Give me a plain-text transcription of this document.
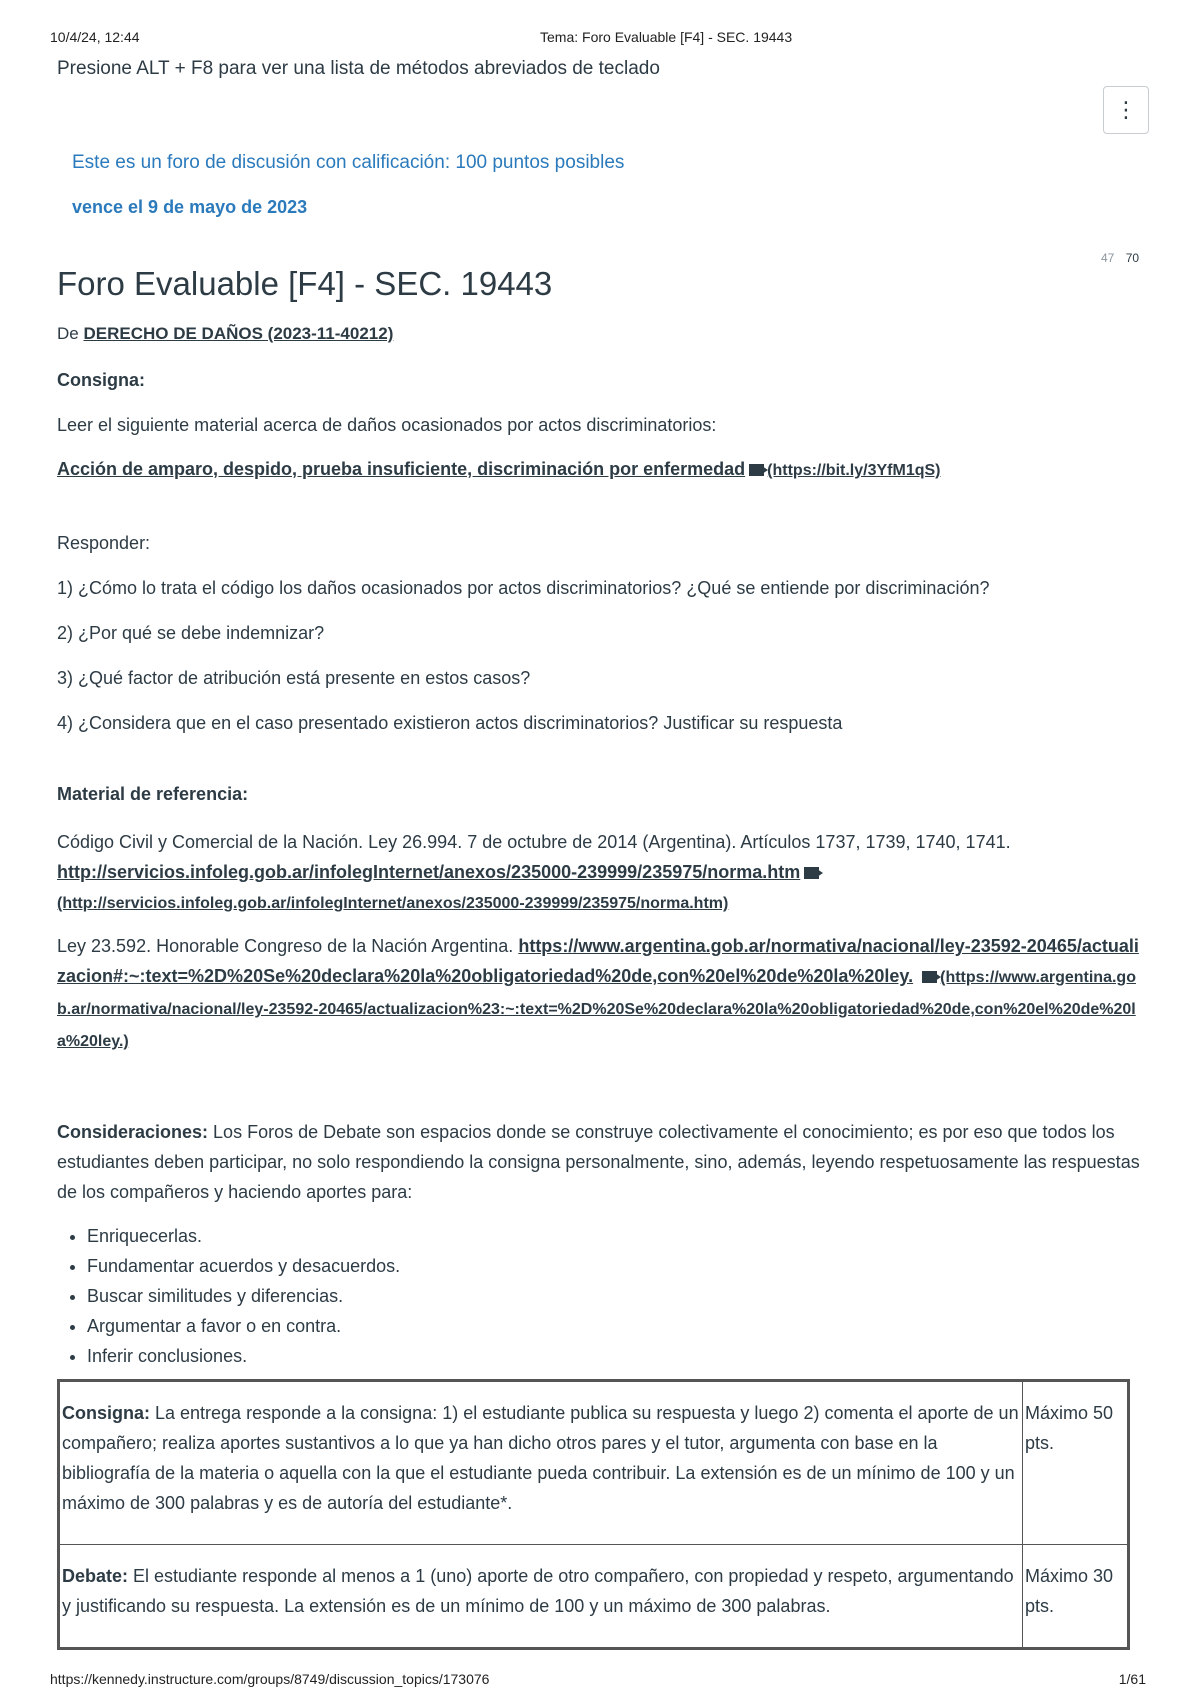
10/4/24, 12:44	Tema: Foro Evaluable [F4] - SEC. 19443
Presione ALT + F8 para ver una lista de métodos abreviados de teclado
⋮
Este es un foro de discusión con calificación: 100 puntos posibles
vence el 9 de mayo de 2023
47 70
Foro Evaluable [F4] - SEC. 19443
De DERECHO DE DAÑOS (2023-11-40212)

Consigna:

Leer el siguiente material acerca de daños ocasionados por actos discriminatorios:

Acción de amparo, despido, prueba insuficiente, discriminación por enfermedad (https://bit.ly/3YfM1qS)

Responder:

1) ¿Cómo lo trata el código los daños ocasionados por actos discriminatorios? ¿Qué se entiende por discriminación?

2) ¿Por qué se debe indemnizar?

3) ¿Qué factor de atribución está presente en estos casos?

4) ¿Considera que en el caso presentado existieron actos discriminatorios? Justificar su respuesta

Material de referencia:

Código Civil y Comercial de la Nación. Ley 26.994. 7 de octubre de 2014 (Argentina). Artículos 1737, 1739, 1740, 1741. http://servicios.infoleg.gob.ar/infolegInternet/anexos/235000-239999/235975/norma.htm
(http://servicios.infoleg.gob.ar/infolegInternet/anexos/235000-239999/235975/norma.htm)

Ley 23.592. Honorable Congreso de la Nación Argentina. https://www.argentina.gob.ar/normativa/nacional/ley-23592-20465/actualizacion#:~:text=%2D%20Se%20declara%20la%20obligatoriedad%20de,con%20el%20de%20la%20ley. (https://www.argentina.gob.ar/normativa/nacional/ley-23592-20465/actualizacion%23:~:text=%2D%20Se%20declara%20la%20obligatoriedad%20de,con%20el%20de%20la%20ley.)

Consideraciones: Los Foros de Debate son espacios donde se construye colectivamente el conocimiento; es por eso que todos los estudiantes deben participar, no solo respondiendo la consigna personalmente, sino, además, leyendo respetuosamente las respuestas de los compañeros y haciendo aportes para:

• Enriquecerlas.
• Fundamentar acuerdos y desacuerdos.
• Buscar similitudes y diferencias.
• Argumentar a favor o en contra.
• Inferir conclusiones.
Consigna: La entrega responde a la consigna: 1) el estudiante publica su respuesta y luego 2) comenta el aporte de un compañero; realiza aportes sustantivos a lo que ya han dicho otros pares y el tutor, argumenta con base en la bibliografía de la materia o aquella con la que el estudiante pueda contribuir. La extensión es de un mínimo de 100 y un máximo de 300 palabras y es de autoría del estudiante*.	Máximo 50 pts.
Debate: El estudiante responde al menos a 1 (uno) aporte de otro compañero, con propiedad y respeto, argumentando y justificando su respuesta. La extensión es de un mínimo de 100 y un máximo de 300 palabras.	Máximo 30 pts.
https://kennedy.instructure.com/groups/8749/discussion_topics/173076	1/61
